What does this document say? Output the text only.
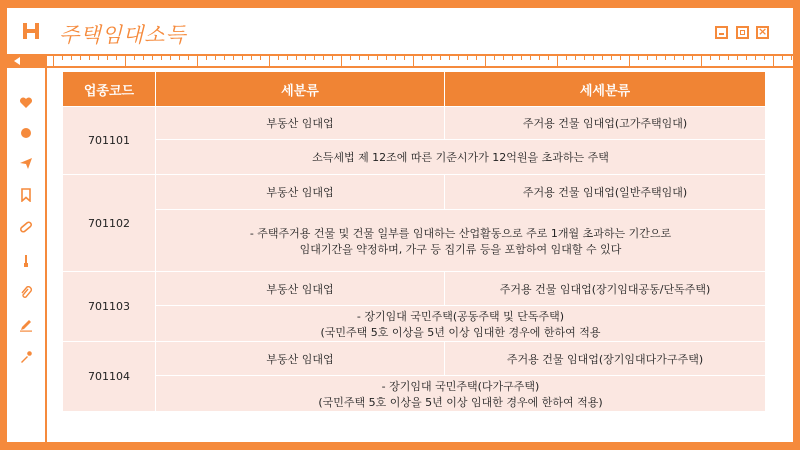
주택임대소득	×
업종코드	세분류	세세분류
701101	부동산 임대업	주거용 건물 임대업(고가주택임대)

	소득세법 제 12조에 따른 기준시가가 12억원을 초과하는 주택	

701102	부동산 임대업	주거용 건물 임대업(일반주택임대)

	- 주택주거용 건물 및 건물 일부를 임대하는 산업활동으로 주로 1개월 초과하는 기간으로
임대기간을 약정하며, 가구 등 집기류 등을 포함하여 임대할 수 있다	

701103	부동산 임대업	주거용 건물 임대업(장기임대공동/단독주택)

	- 장기임대 국민주택(공동주택 및 단독주택)
(국민주택 5호 이상을 5년 이상 임대한 경우에 한하여 적용	

701104	부동산 임대업	주거용 건물 임대업(장기임대다가구주택)

	- 장기임대 국민주택(다가구주택)
(국민주택 5호 이상을 5년 이상 임대한 경우에 한하여 적용)	
